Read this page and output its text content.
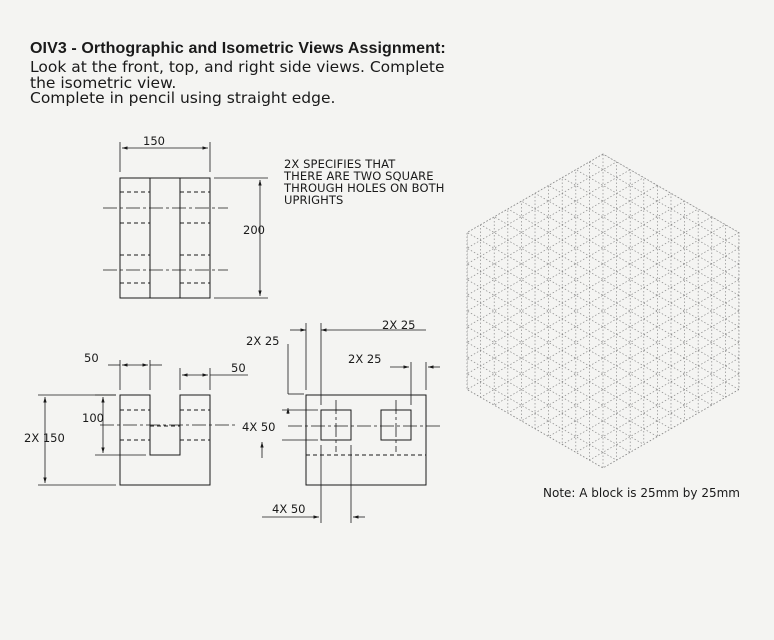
OIV3 - Orthographic and Isometric Views Assignment:
Look at the front, top, and right side views. Complete
the isometric view.
Complete in pencil using straight edge.
2X SPECIFIES THAT
THERE ARE TWO SQUARE
THROUGH HOLES ON BOTH
UPRIGHTS
150
200
50
50
100
2X 150
2X 25
2X 25
2X 25
4X 50
4X 50
Note: A block is 25mm by 25mm
